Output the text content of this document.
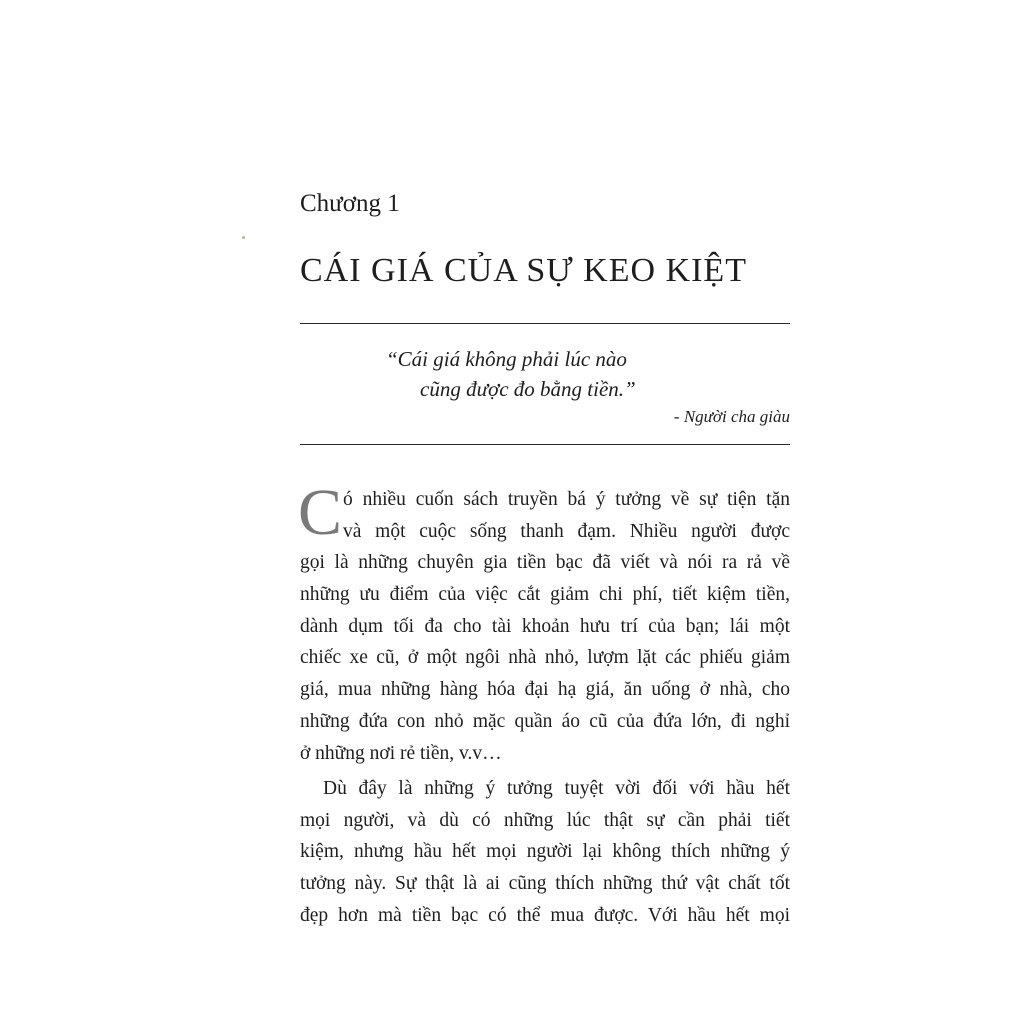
Chương 1
CÁI GIÁ CỦA SỰ KEO KIỆT
“Cái giá không phải lúc nào
cũng được đo bằng tiền.”
- Người cha giàu
C ó nhiều cuốn sách truyền bá ý tưởng về sự tiện tặn
và một cuộc sống thanh đạm. Nhiều người được
gọi là những chuyên gia tiền bạc đã viết và nói ra rả về
những ưu điểm của việc cắt giảm chi phí, tiết kiệm tiền,
dành dụm tối đa cho tài khoản hưu trí của bạn; lái một
chiếc xe cũ, ở một ngôi nhà nhỏ, lượm lặt các phiếu giảm
giá, mua những hàng hóa đại hạ giá, ăn uống ở nhà, cho
những đứa con nhỏ mặc quần áo cũ của đứa lớn, đi nghỉ
ở những nơi rẻ tiền, v.v…
Dù đây là những ý tưởng tuyệt vời đối với hầu hết
mọi người, và dù có những lúc thật sự cần phải tiết
kiệm, nhưng hầu hết mọi người lại không thích những ý
tưởng này. Sự thật là ai cũng thích những thứ vật chất tốt
đẹp hơn mà tiền bạc có thể mua được. Với hầu hết mọi
